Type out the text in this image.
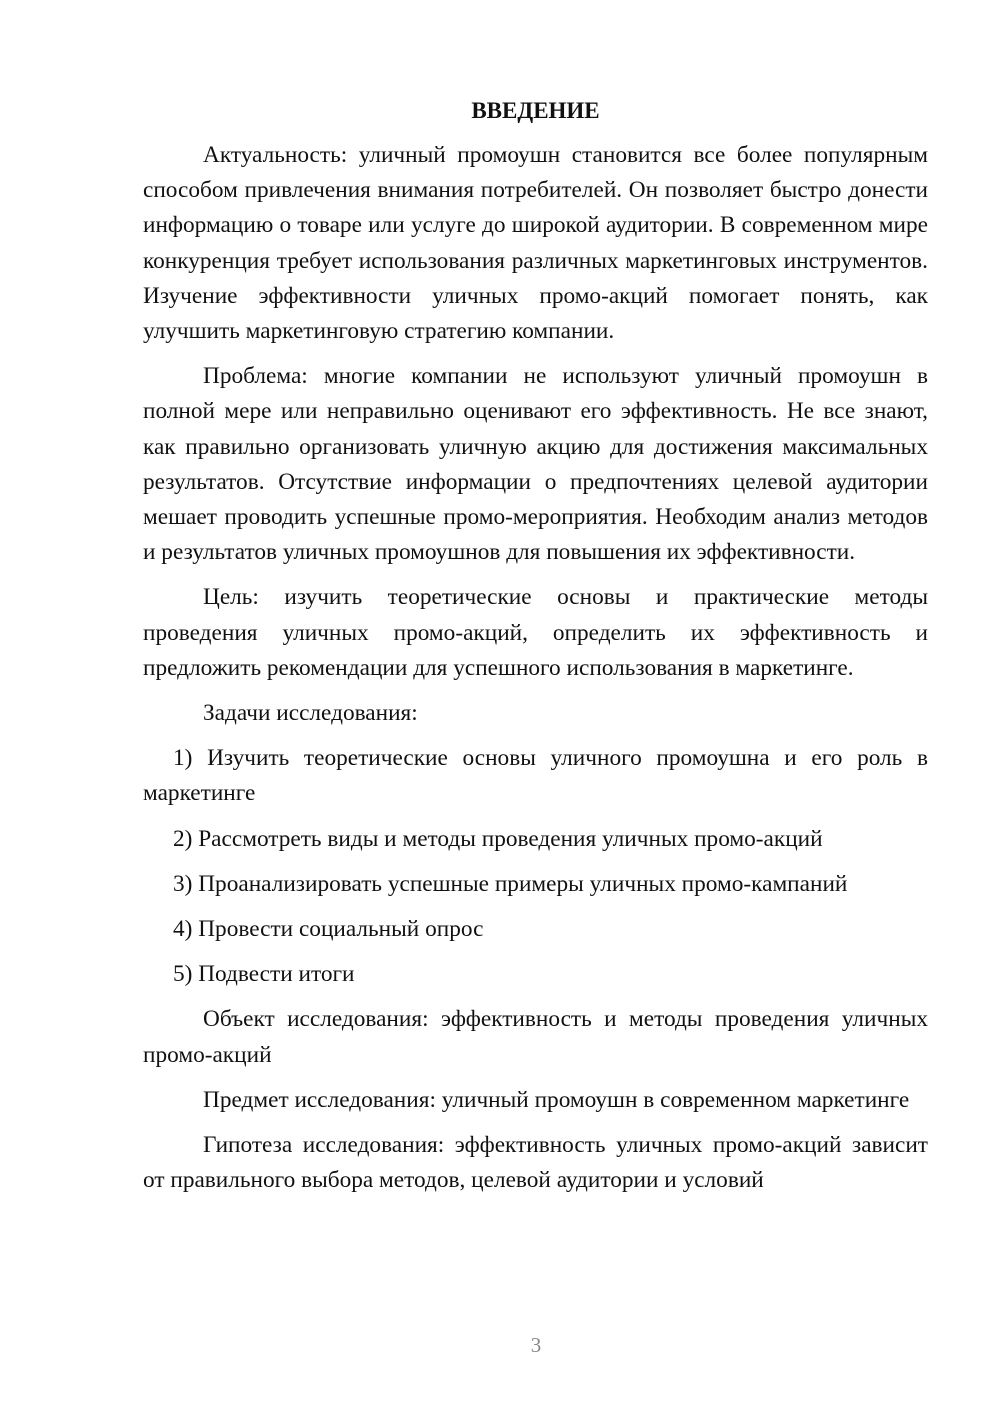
ВВЕДЕНИЕ

Актуальность: уличный промоушн становится все более популярным способом привлечения внимания потребителей. Он позволяет быстро донести информацию о товаре или услуге до широкой аудитории. В современном мире конкуренция требует использования различных маркетинговых инструментов. Изучение эффективности уличных промо-акций помогает понять, как улучшить маркетинговую стратегию компании.

Проблема: многие компании не используют уличный промоушн в полной мере или неправильно оценивают его эффективность. Не все знают, как правильно организовать уличную акцию для достижения максимальных результатов. Отсутствие информации о предпочтениях целевой аудитории мешает проводить успешные промо-мероприятия. Необходим анализ методов и результатов уличных промоушнов для повышения их эффективности.

Цель: изучить теоретические основы и практические методы проведения уличных промо-акций, определить их эффективность и предложить рекомендации для успешного использования в маркетинге.

Задачи исследования:

1) Изучить теоретические основы уличного промоушна и его роль в маркетинге

2) Рассмотреть виды и методы проведения уличных промо-акций

3) Проанализировать успешные примеры уличных промо-кампаний

4) Провести социальный опрос

5) Подвести итоги

Объект исследования: эффективность и методы проведения уличных промо-акций

Предмет исследования: уличный промоушн в современном маркетинге

Гипотеза исследования: эффективность уличных промо-акций зависит от правильного выбора методов, целевой аудитории и условий

3
